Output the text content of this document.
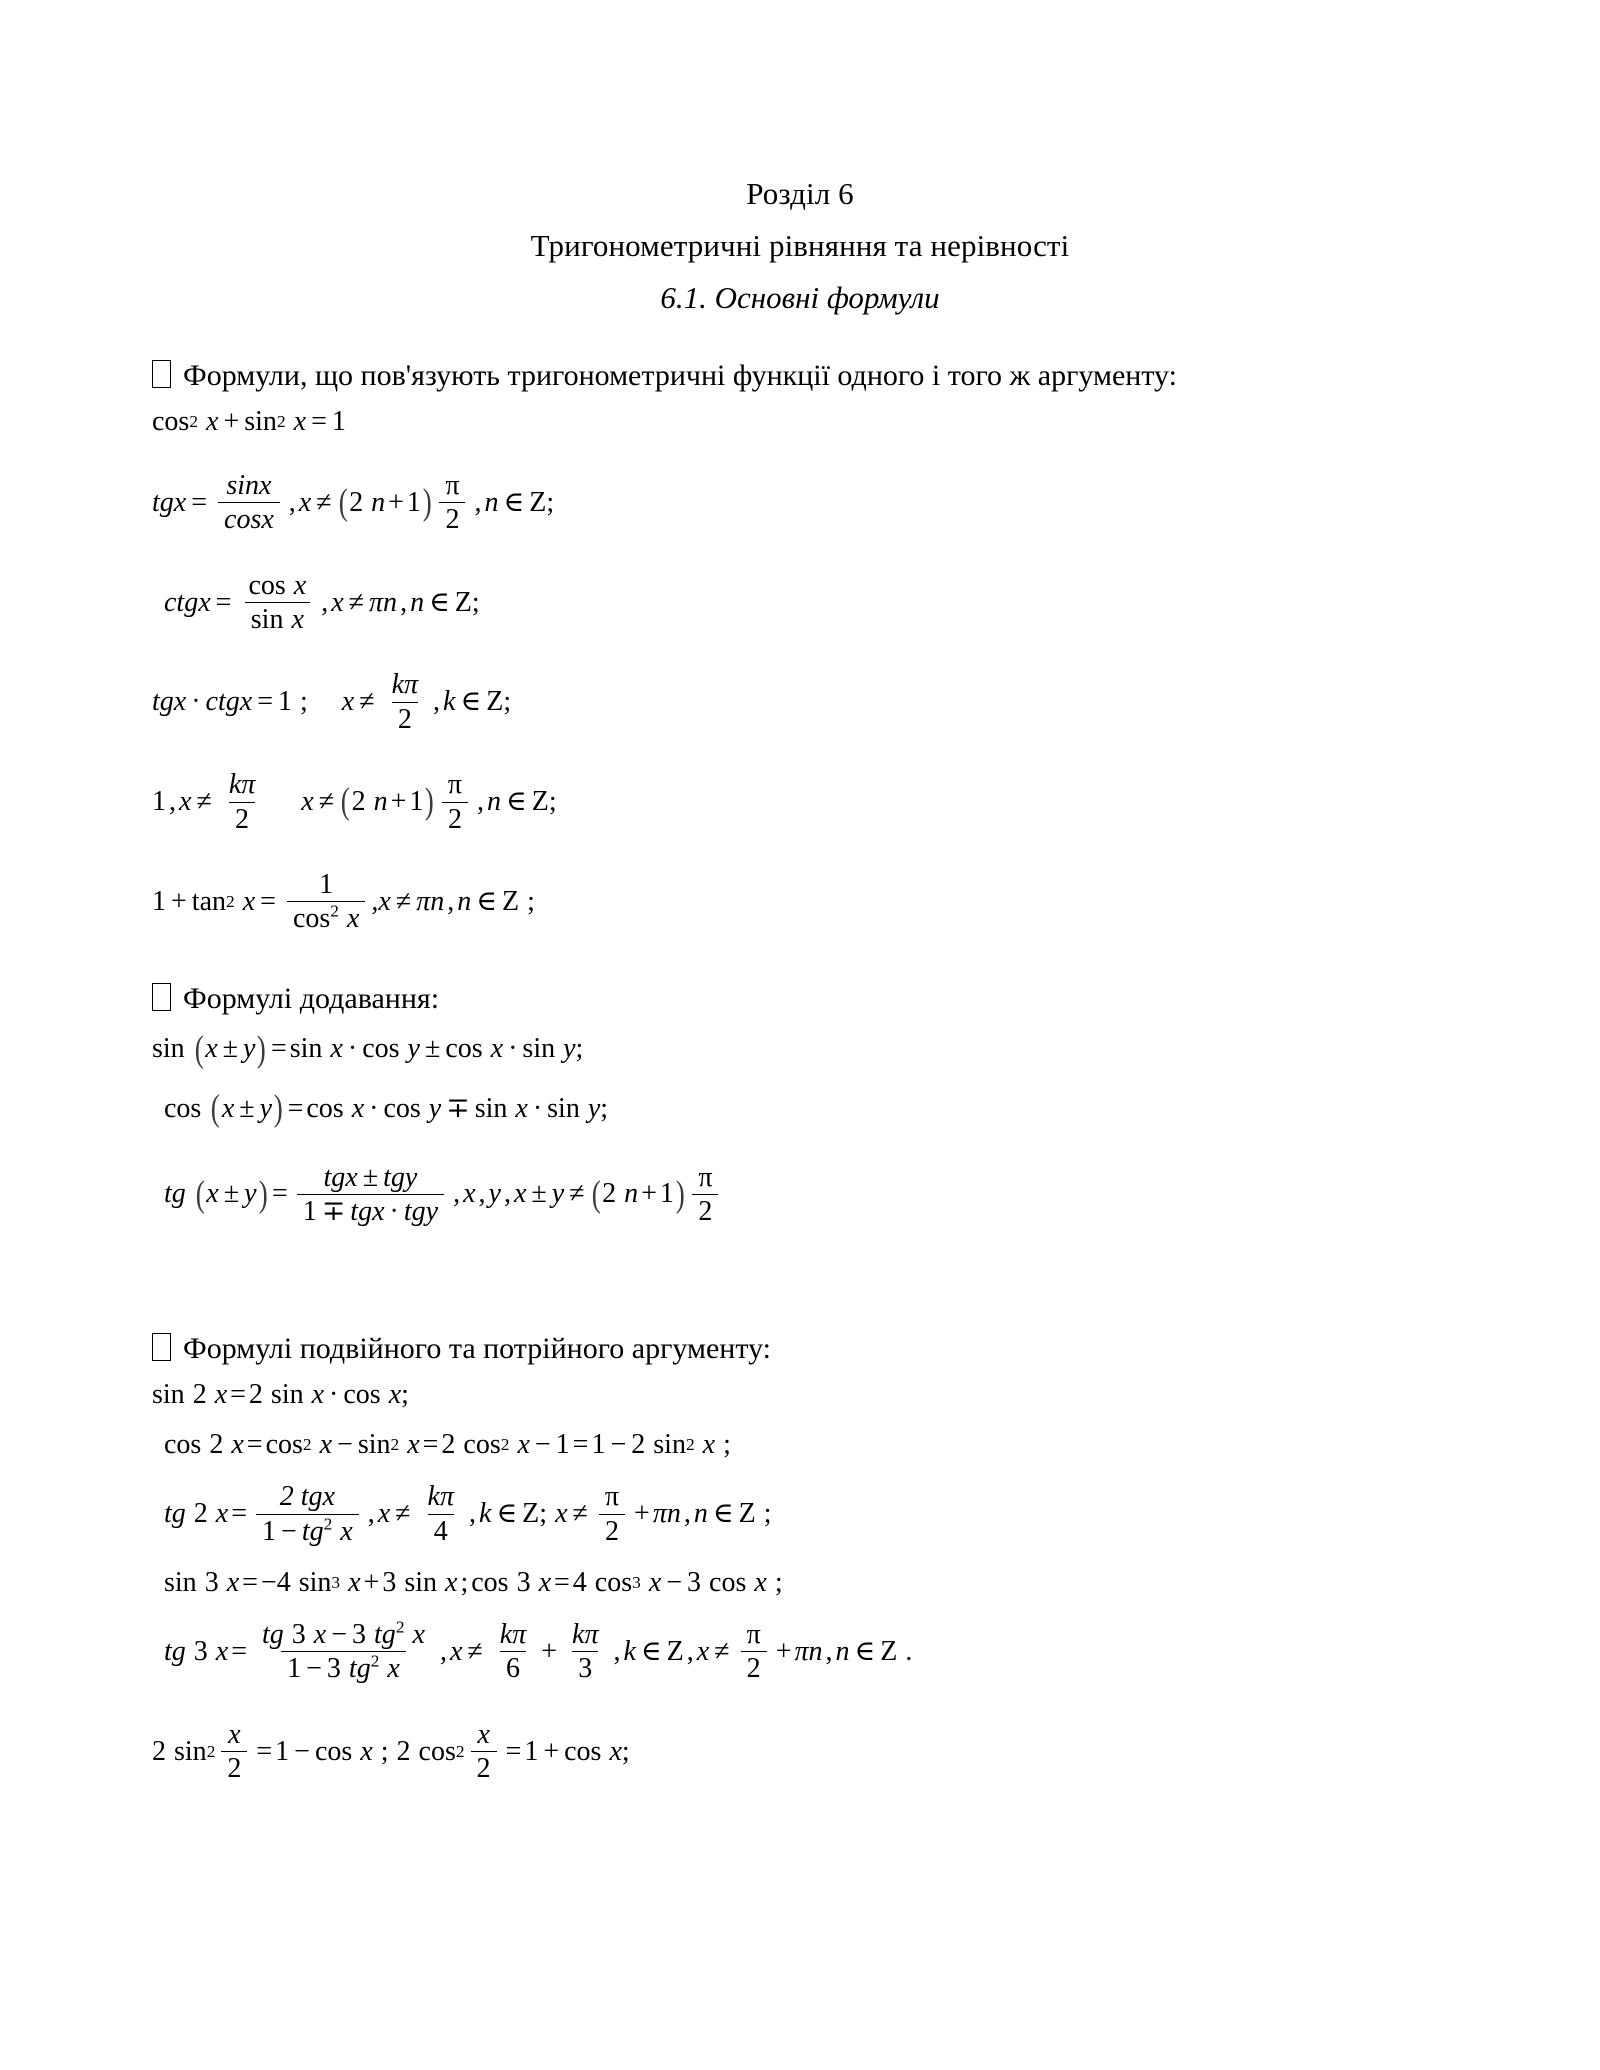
Розділ 6
Тригонометричні рівняння та нерівності
6.1. Основні формули
Формули, що пов'язують тригонометричні функції одного і того ж аргументу:
cos 2 x + sin 2 x = 1
tg $x = \frac{\sin x}{\cos x}$ , x ≠ ( 2 n + 1 ) $\frac{\pi}{2}$ , n ∈ Z ;
ctg $x = \frac{\text{cos x}}{\text{sin x}}$ , x ≠ πn , n ∈ Z ;
tgx · ctgx = 1 ; $x \ne \frac{k\pi}{2}$ , k ∈ Z ;
1 , $x \ne \frac{k\pi}{2}$ x ≠ ( 2 n + 1 ) $\frac{\pi}{2}$ , n ∈ Z ;
1 + tan 2 $x = \frac{1}{\cos^2 x}$ , x ≠ πn , n ∈ Z ;
Формулі додавання:
sin ( x ± y ) = sin x · cos y ± cos x · sin y ;
cos ( x ± y ) = cos x · cos y ∓ sin x · sin y ;
tg ( x ± y ) = $\frac{\text{tgx ± tgy}}{\text{1 ∓ tgx · tgy}}$ , x , y , x ± y ≠ ( 2 n + 1 ) $\frac{\pi}{2}$
Формулі подвійного та потрійного аргументу:
sin 2 x = 2 sin x · cos x ;
cos 2 x = cos 2 x − sin 2 x = 2 cos 2 x − 1 = 1 − 2 sin 2 x ;
tg 2 $x = \frac{\text{2 tgx}}{1 - tg^2 x}$ , $x \ne \frac{k\pi}{4}$ , k ∈ Z ; $x \ne \frac{\pi}{2} + \pi n$ , n ∈ Z ;
sin 3 x = − 4 sin 3 x + 3 sin x ; cos 3 x = 4 cos 3 x − 3 cos x ;
tg 3 $x = \frac{tg 3 x - 3 tg^2 x}{1 - 3 tg^2 x}$ , $x \ne \frac{k\pi}{6} + \frac{k\pi}{3}$ , k ∈ Z , $x \ne \frac{\pi}{2} + \pi n$ , n ∈ Z .
2 $\sin 2 \frac{x}{2} = 1 - \cos x$ ; 2 $\cos 2 \frac{x}{2} = 1 + \cos x$ ;
